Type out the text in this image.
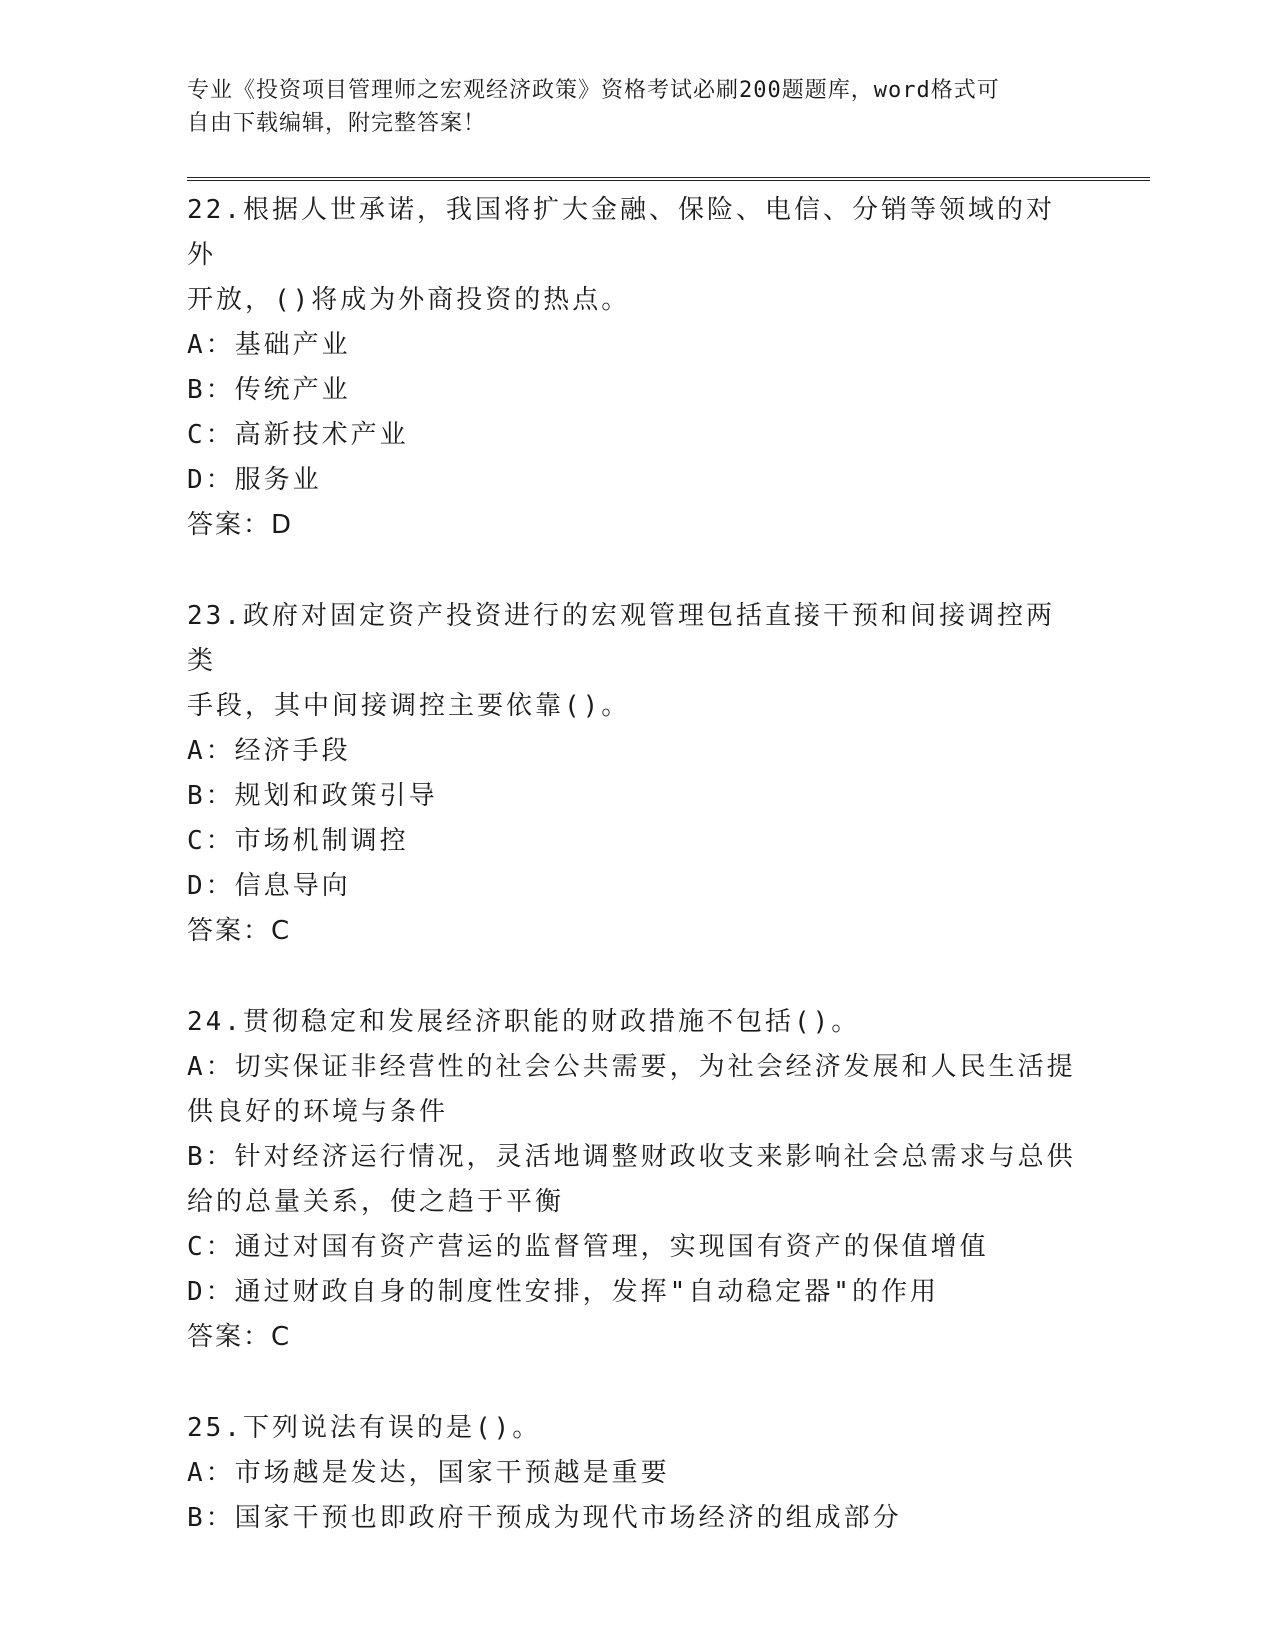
专业《投资项目管理师之宏观经济政策》资格考试必刷200题题库，word格式可
自由下载编辑，附完整答案！

22.根据人世承诺，我国将扩大金融、保险、电信、分销等领域的对外

开放，()将成为外商投资的热点。

A：基础产业

B：传统产业

C：高新技术产业

D：服务业

答案：D

23.政府对固定资产投资进行的宏观管理包括直接干预和间接调控两类

手段，其中间接调控主要依靠()。

A：经济手段

B：规划和政策引导

C：市场机制调控

D：信息导向

答案：C

24.贯彻稳定和发展经济职能的财政措施不包括()。

A：切实保证非经营性的社会公共需要，为社会经济发展和人民生活提

供良好的环境与条件

B：针对经济运行情况，灵活地调整财政收支来影响社会总需求与总供

给的总量关系，使之趋于平衡

C：通过对国有资产营运的监督管理，实现国有资产的保值增值

D：通过财政自身的制度性安排，发挥"自动稳定器"的作用

答案：C

25.下列说法有误的是()。

A：市场越是发达，国家干预越是重要

B：国家干预也即政府干预成为现代市场经济的组成部分
